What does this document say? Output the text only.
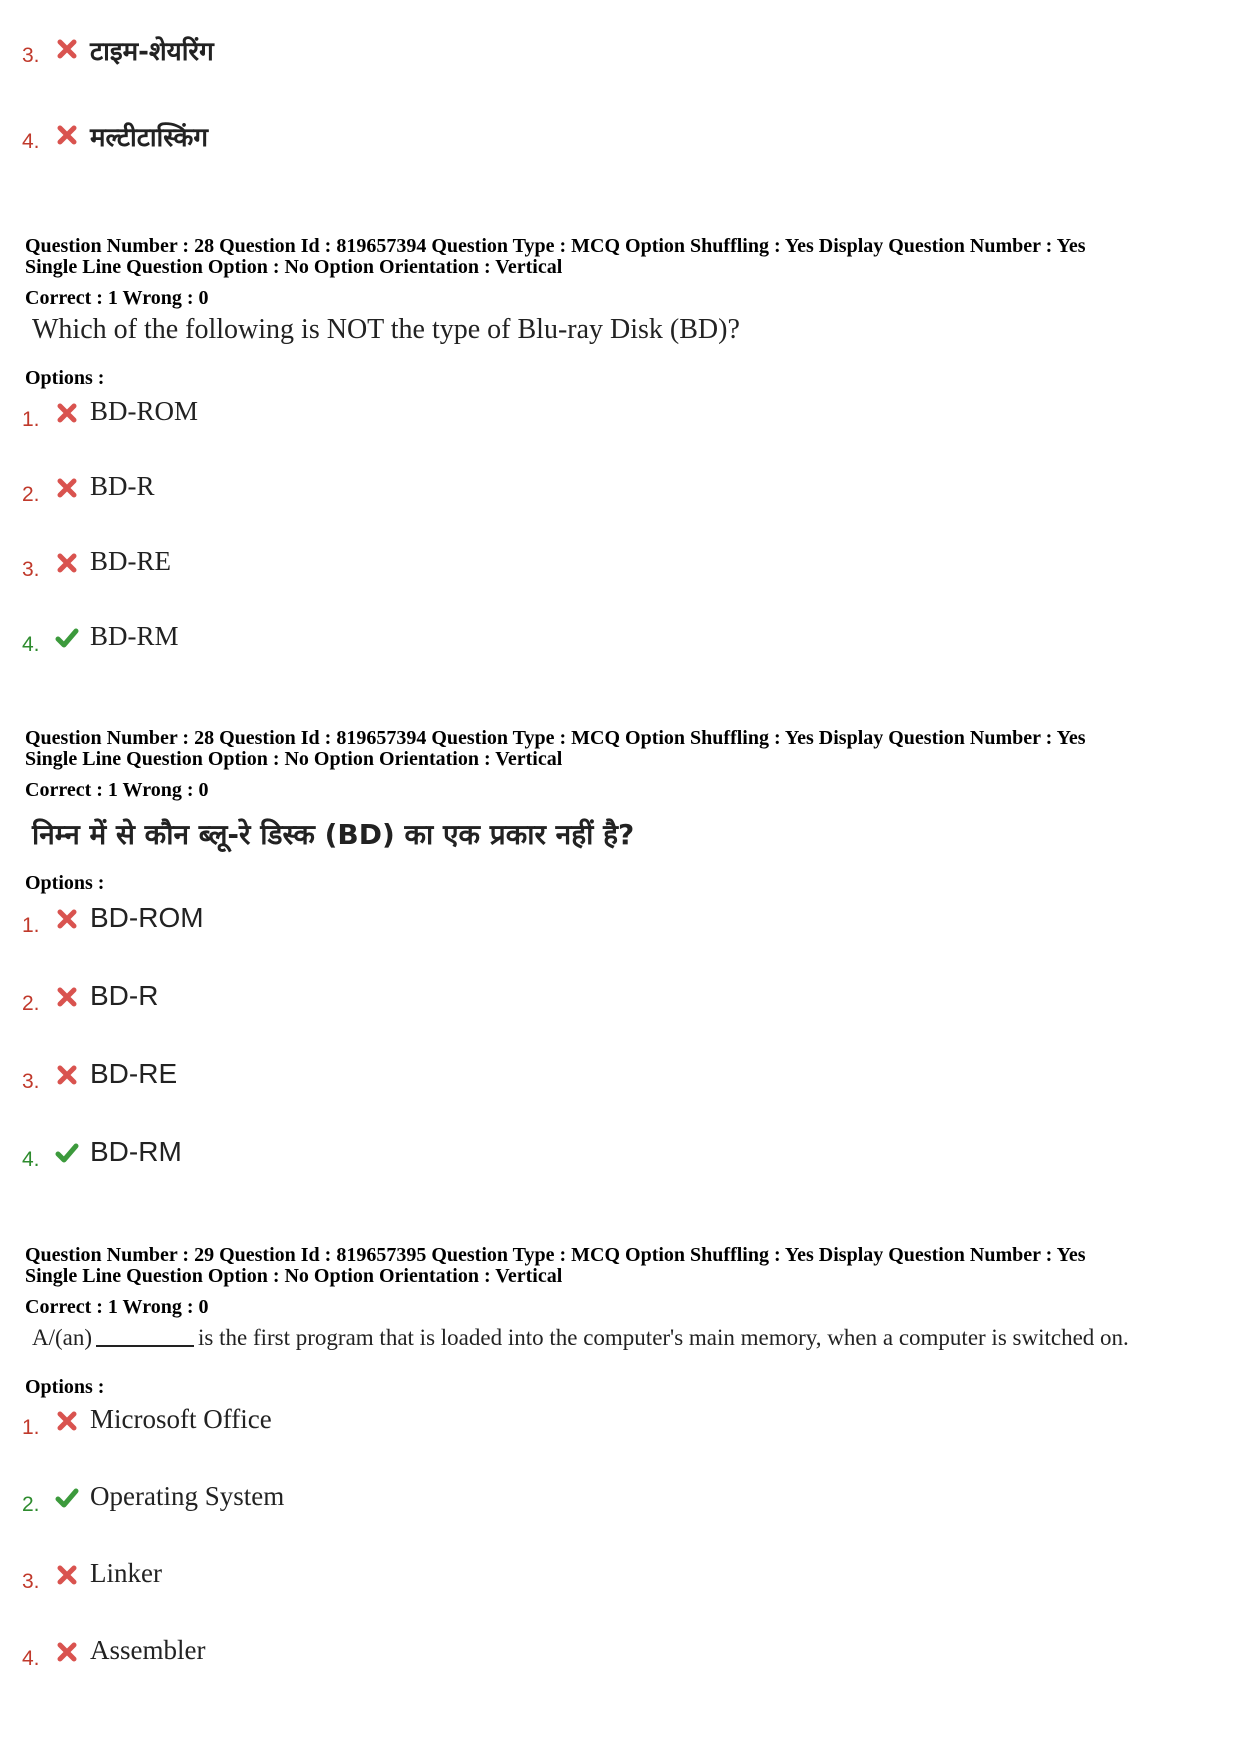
3. टाइम-शेयरिंग
4. मल्टीटास्किंग
Question Number : 28 Question Id : 819657394 Question Type : MCQ Option Shuffling : Yes Display Question Number : Yes
Single Line Question Option : No Option Orientation : Vertical
Correct : 1 Wrong : 0
Which of the following is NOT the type of Blu-ray Disk (BD)?
Options :
1. BD-ROM
2. BD-R
3. BD-RE
4. BD-RM
Question Number : 28 Question Id : 819657394 Question Type : MCQ Option Shuffling : Yes Display Question Number : Yes
Single Line Question Option : No Option Orientation : Vertical
Correct : 1 Wrong : 0
निम्न में से कौन ब्लू-रे डिस्क (BD) का एक प्रकार नहीं है?
Options :
1. BD-ROM
2. BD-R
3. BD-RE
4. BD-RM
Question Number : 29 Question Id : 819657395 Question Type : MCQ Option Shuffling : Yes Display Question Number : Yes
Single Line Question Option : No Option Orientation : Vertical
Correct : 1 Wrong : 0
A/(an)	is the first program that is loaded into the computer's main memory, when a computer is switched on.
Options :
1. Microsoft Office
2. Operating System
3. Linker
4. Assembler
